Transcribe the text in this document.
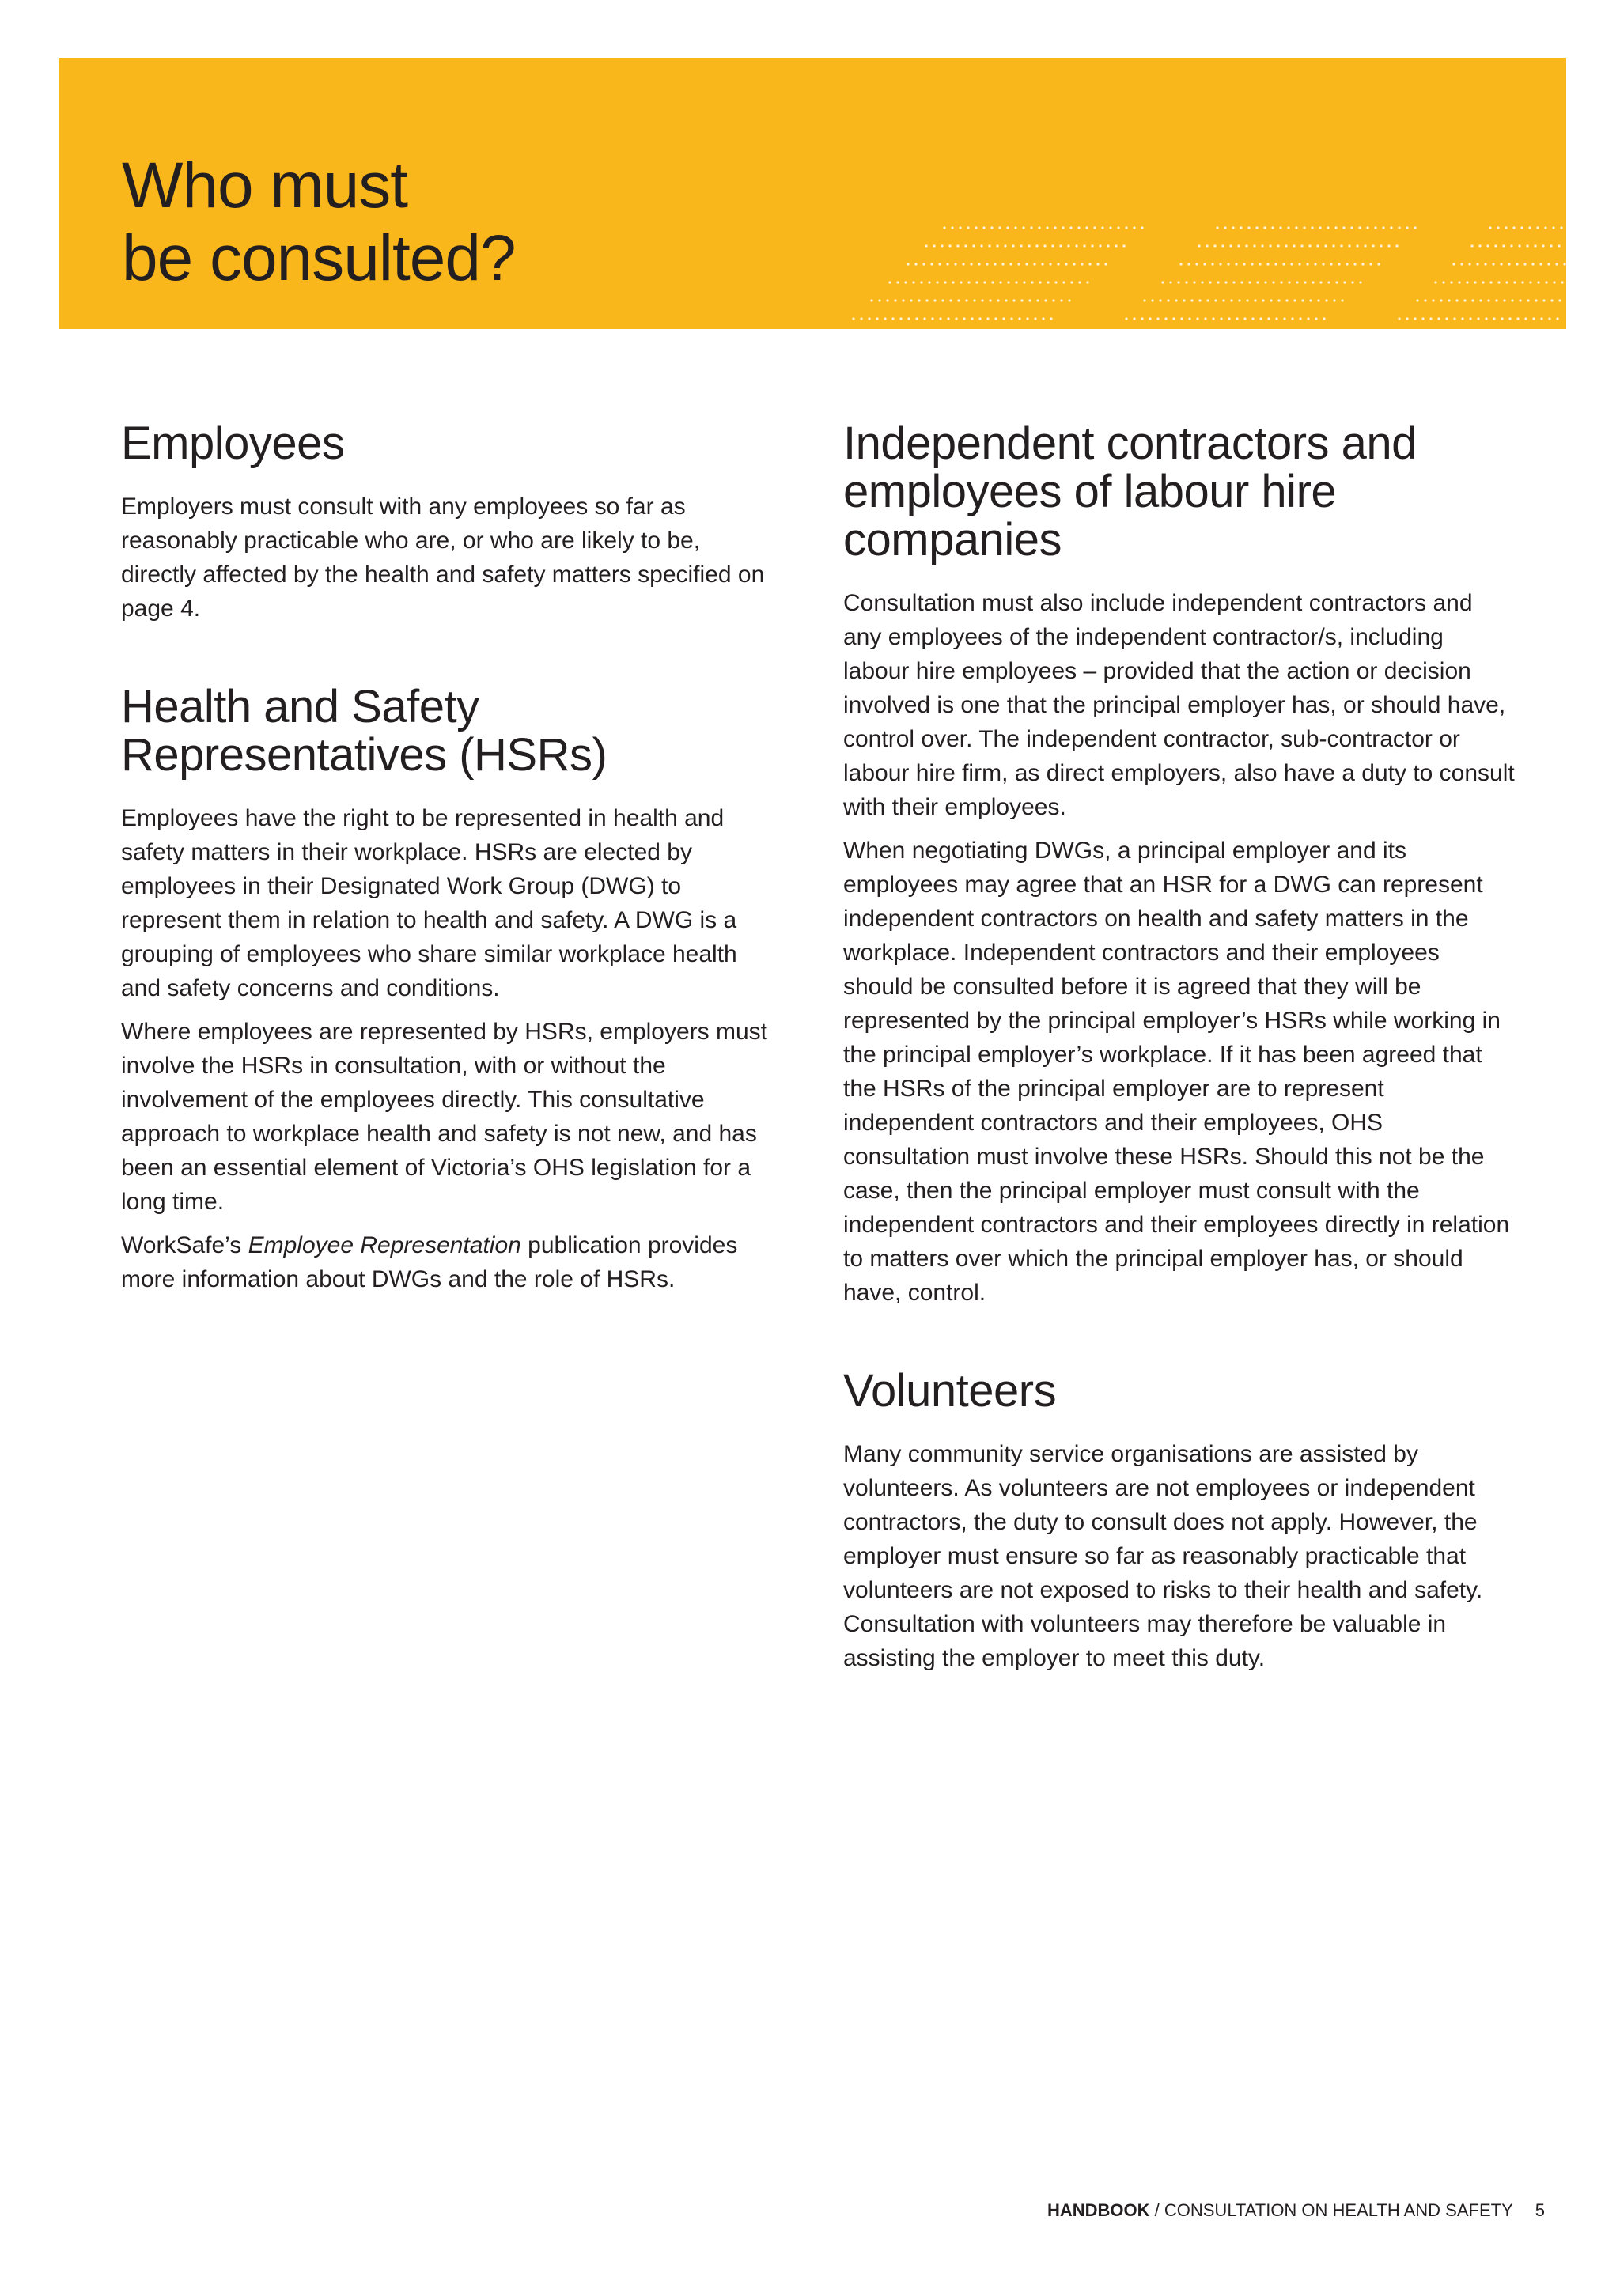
Who must
be consulted?
Employees

Employers must consult with any employees so far as reasonably practicable who are, or who are likely to be, directly affected by the health and safety matters specified on page 4.

Health and Safety Representatives (HSRs)

Employees have the right to be represented in health and safety matters in their workplace. HSRs are elected by employees in their Designated Work Group (DWG) to represent them in relation to health and safety. A DWG is a grouping of employees who share similar workplace health and safety concerns and conditions.

Where employees are represented by HSRs, employers must involve the HSRs in consultation, with or without the involvement of the employees directly. This consultative approach to workplace health and safety is not new, and has been an essential element of Victoria’s OHS legislation for a long time.

WorkSafe’s Employee Representation publication provides more information about DWGs and the role of HSRs.

Independent contractors and employees of labour hire companies

Consultation must also include independent contractors and any employees of the independent contractor/s, including labour hire employees – provided that the action or decision involved is one that the principal employer has, or should have, control over. The independent contractor, sub-contractor or labour hire firm, as direct employers, also have a duty to consult with their employees.

When negotiating DWGs, a principal employer and its employees may agree that an HSR for a DWG can represent independent contractors on health and safety matters in the workplace. Independent contractors and their employees should be consulted before it is agreed that they will be represented by the principal employer’s HSRs while working in the principal employer’s workplace. If it has been agreed that the HSRs of the principal employer are to represent independent contractors and their employees, OHS consultation must involve these HSRs. Should this not be the case, then the principal employer must consult with the independent contractors and their employees directly in relation to matters over which the principal employer has, or should have, control.

Volunteers

Many community service organisations are assisted by volunteers. As volunteers are not employees or independent contractors, the duty to consult does not apply. However, the employer must ensure so far as reasonably practicable that volunteers are not exposed to risks to their health and safety. Consultation with volunteers may therefore be valuable in assisting the employer to meet this duty.

HANDBOOK / CONSULTATION ON HEALTH AND SAFETY 5
